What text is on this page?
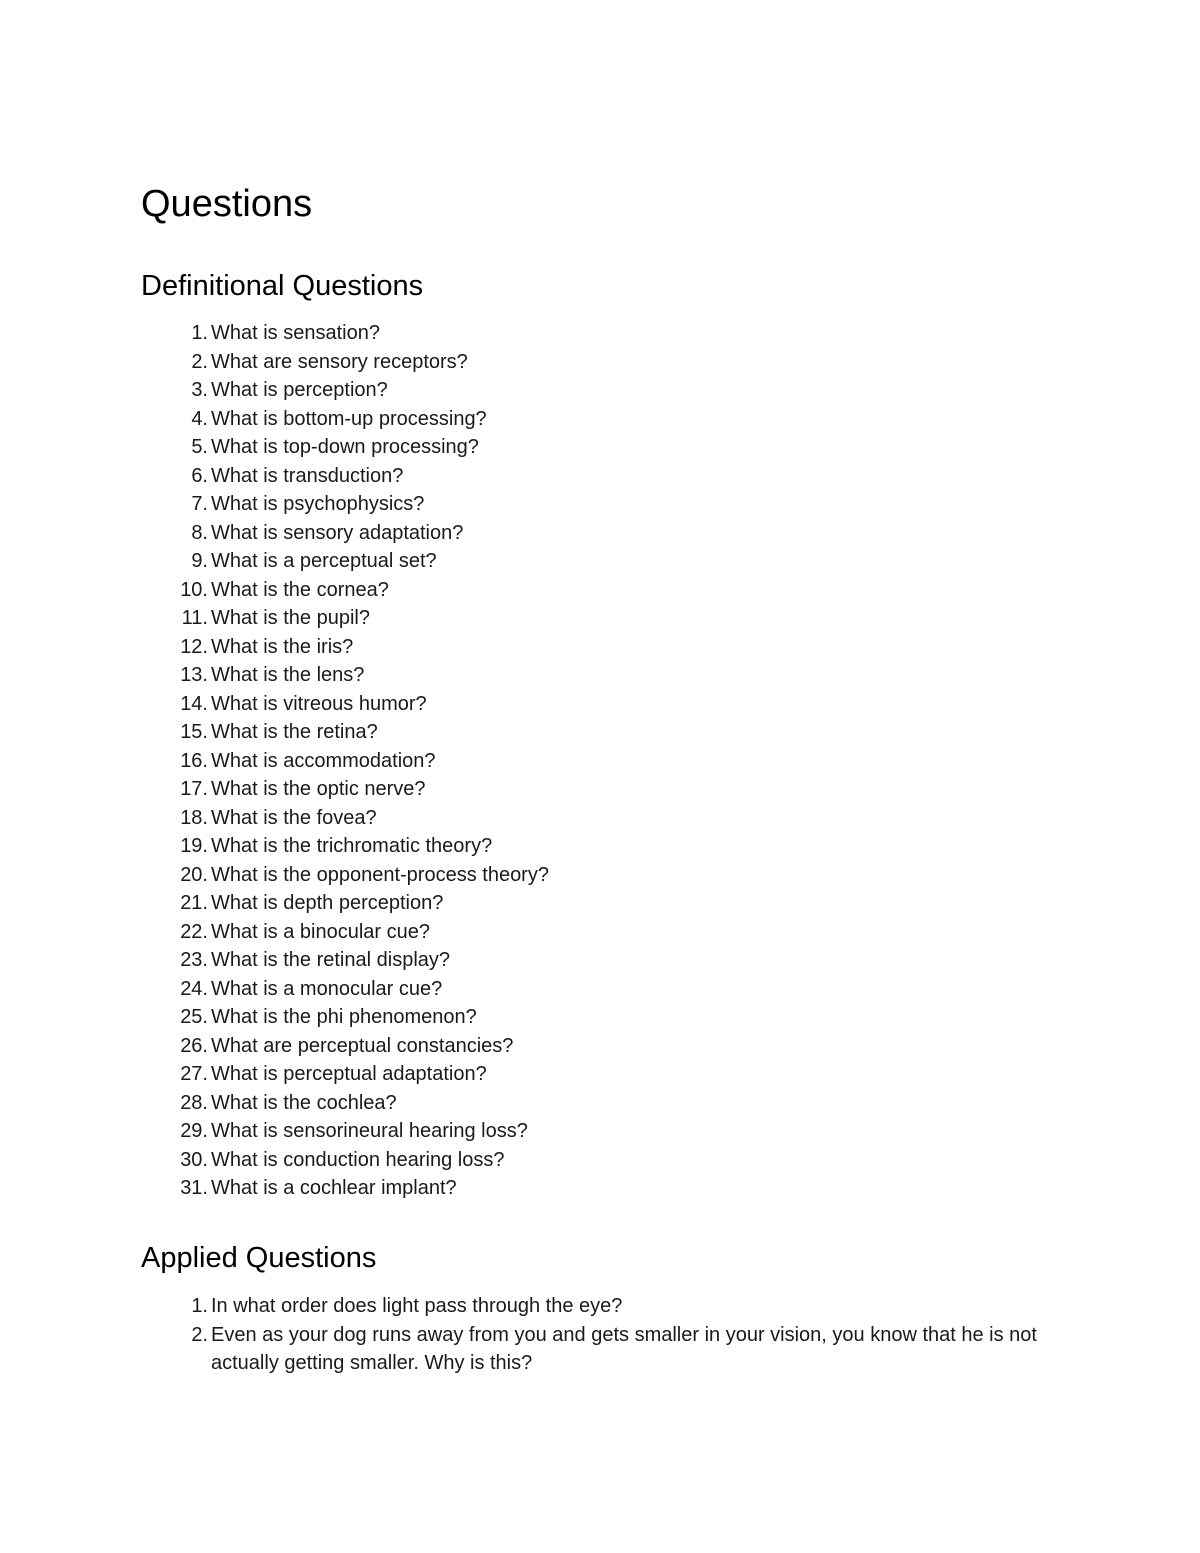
Questions
Definitional Questions
1. What is sensation?
2. What are sensory receptors?
3. What is perception?
4. What is bottom-up processing?
5. What is top-down processing?
6. What is transduction?
7. What is psychophysics?
8. What is sensory adaptation?
9. What is a perceptual set?
10. What is the cornea?
11. What is the pupil?
12. What is the iris?
13. What is the lens?
14. What is vitreous humor?
15. What is the retina?
16. What is accommodation?
17. What is the optic nerve?
18. What is the fovea?
19. What is the trichromatic theory?
20. What is the opponent-process theory?
21. What is depth perception?
22. What is a binocular cue?
23. What is the retinal display?
24. What is a monocular cue?
25. What is the phi phenomenon?
26. What are perceptual constancies?
27. What is perceptual adaptation?
28. What is the cochlea?
29. What is sensorineural hearing loss?
30. What is conduction hearing loss?
31. What is a cochlear implant?
Applied Questions
1. In what order does light pass through the eye?
2. Even as your dog runs away from you and gets smaller in your vision, you know that he is not actually getting smaller. Why is this?
